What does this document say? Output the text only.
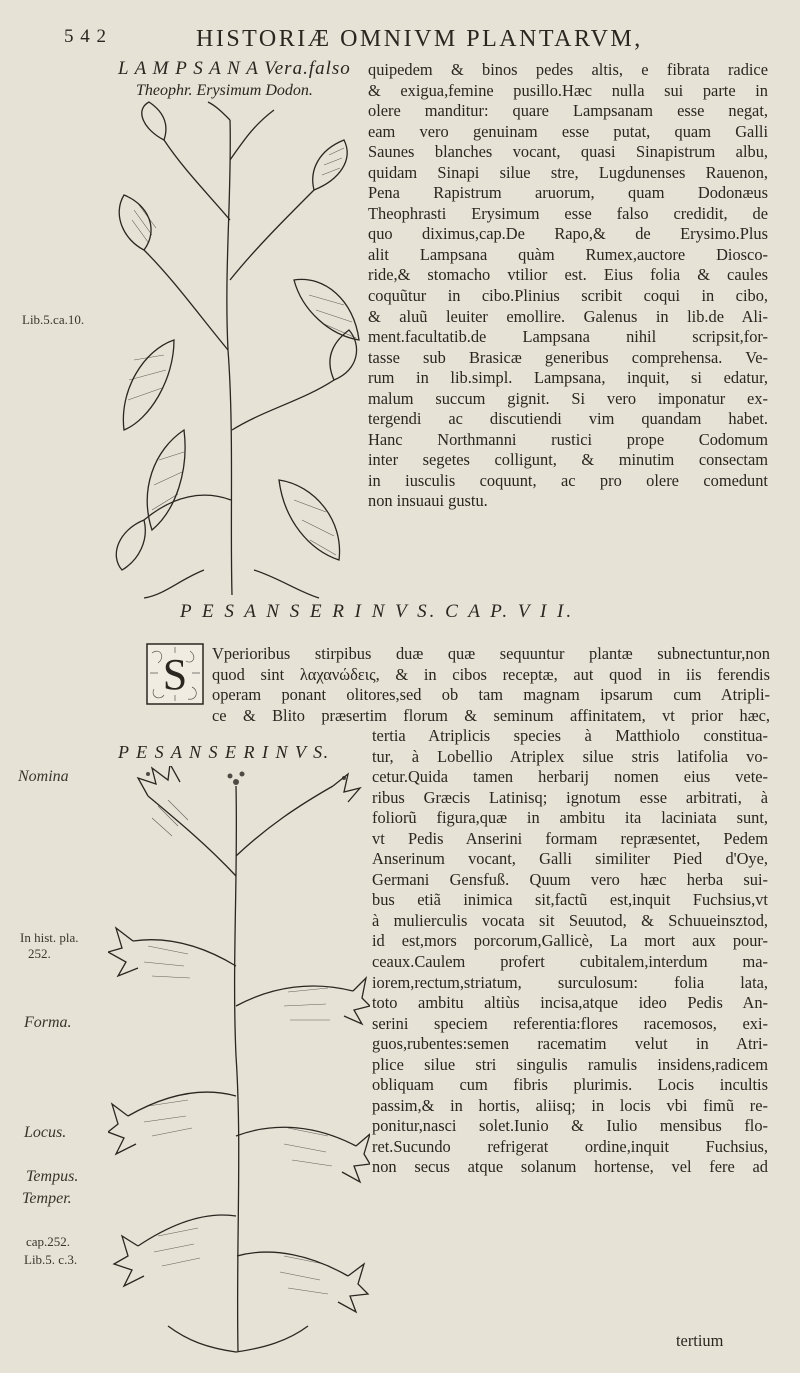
5 4 2	HISTORIÆ OMNIVM PLANTARVM,
L A M P S A N A Vera.falso
Theophr. Erysimum Dodon.
quipedem & binos pedes altis, e fibrata radice
& exigua,femine pusillo.Hæc nulla sui parte in
olere manditur: quare Lampsanam esse negat,
eam vero genuinam esse putat, quam Galli
Saunes blanches vocant, quasi Sinapistrum albu,
quidam Sinapi silue stre, Lugdunenses Rauenon,
Pena Rapistrum aruorum, quam Dodonæus
Theophrasti Erysimum esse falso credidit, de
quo diximus,cap.De Rapo,& de Erysimo.Plus
alit Lampsana quàm Rumex,auctore Diosco-
ride,& stomacho vtilior est. Eius folia & caules
coquũtur in cibo.Plinius scribit coqui in cibo,
& aluũ leuiter emollire. Galenus in lib.de Ali-
ment.facultatib.de Lampsana nihil scripsit,for-
tasse sub Brasicæ generibus comprehensa. Ve-
rum in lib.simpl. Lampsana, inquit, si edatur,
malum succum gignit. Si vero imponatur ex-
tergendi ac discutiendi vim quandam habet.
Hanc Northmanni rustici prope Codomum
inter segetes colligunt, & minutim consectam
in iusculis coquunt, ac pro olere comedunt
non insuaui gustu.
P E S A N S E R I N V S. C A P. V I I.
S Vperioribus stirpibus duæ quæ sequuntur plantæ subnectuntur,non
quod sint λαχανώδεις, & in cibos receptæ, aut quod in iis ferendis
operam ponant olitores,sed ob tam magnam ipsarum cum Atripli-
ce & Blito præsertim florum & seminum affinitatem, vt prior hæc,
P E S A N S E R I N V S.
tertia Atriplicis species à Matthiolo constitua-
tur, à Lobellio Atriplex silue stris latifolia vo-
cetur.Quida tamen herbarij nomen eius vete-
ribus Græcis Latinisq; ignotum esse arbitrati, à
foliorũ figura,quæ in ambitu ita laciniata sunt,
vt Pedis Anserini formam repræsentet, Pedem
Anserinum vocant, Galli similiter Pied d'Oye,
Germani Gensfuß. Quum vero hæc herba sui-
bus etiã inimica sit,factũ est,inquit Fuchsius,vt
à mulierculis vocata sit Seuutod, & Schuueinsztod,
id est,mors porcorum,Gallicè, La mort aux pour-
ceaux.Caulem profert cubitalem,interdum ma-
iorem,rectum,striatum, surculosum: folia lata,
toto ambitu altiùs incisa,atque ideo Pedis An-
serini speciem referentia:flores racemosos, exi-
guos,rubentes:semen racematim velut in Atri-
plice silue stri singulis ramulis insidens,radicem
obliquam cum fibris plurimis. Locis incultis
passim,& in hortis, aliisq; in locis vbi fimũ re-
ponitur,nasci solet.Iunio & Iulio mensibus flo-
ret.Sucundo refrigerat ordine,inquit Fuchsius,
non secus atque solanum hortense, vel fere ad
tertium
Lib.5.ca.10.
Nomina
In hist. pla.
252.
Forma.
Locus.
Tempus.
Temper.
cap.252.
Lib.5. c.3.
